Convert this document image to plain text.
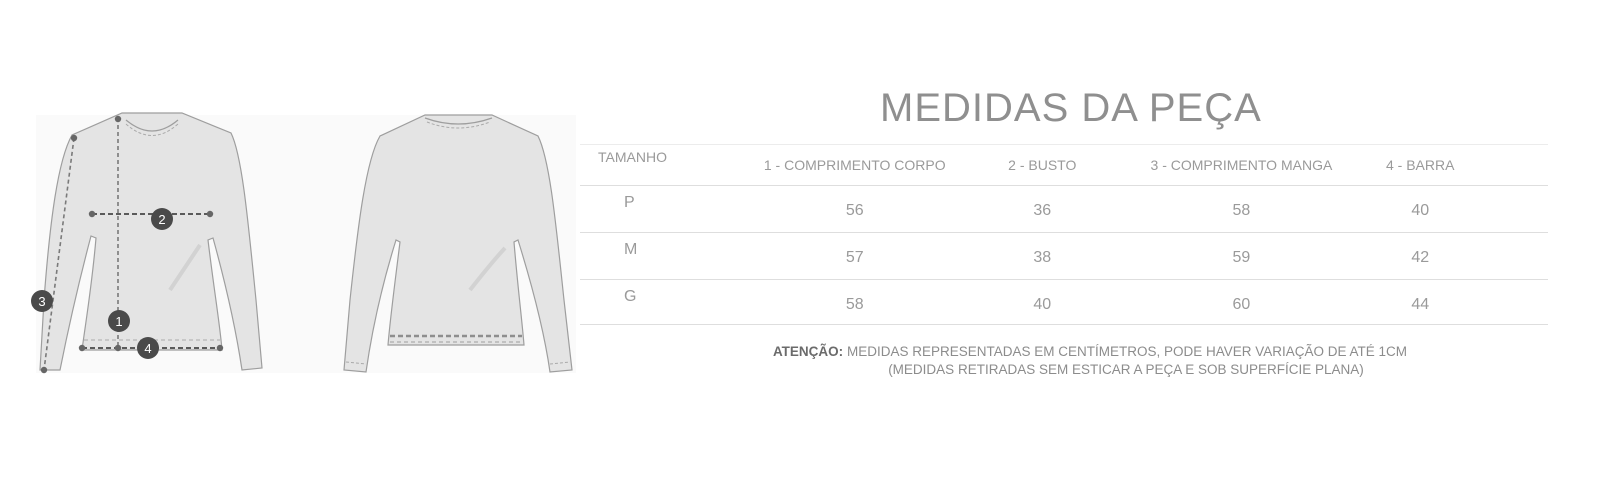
1
2
3
4
MEDIDAS DA PEÇA
TAMANHO	1 - COMPRIMENTO CORPO	2 - BUSTO	3 - COMPRIMENTO MANGA	4 - BARRA	
P	56	36	58	40	
M	57	38	59	42	
G	58	40	60	44	
ATENÇÃO: MEDIDAS REPRESENTADAS EM CENTÍMETROS, PODE HAVER VARIAÇÃO DE ATÉ 1CM
(MEDIDAS RETIRADAS SEM ESTICAR A PEÇA E SOB SUPERFÍCIE PLANA)
